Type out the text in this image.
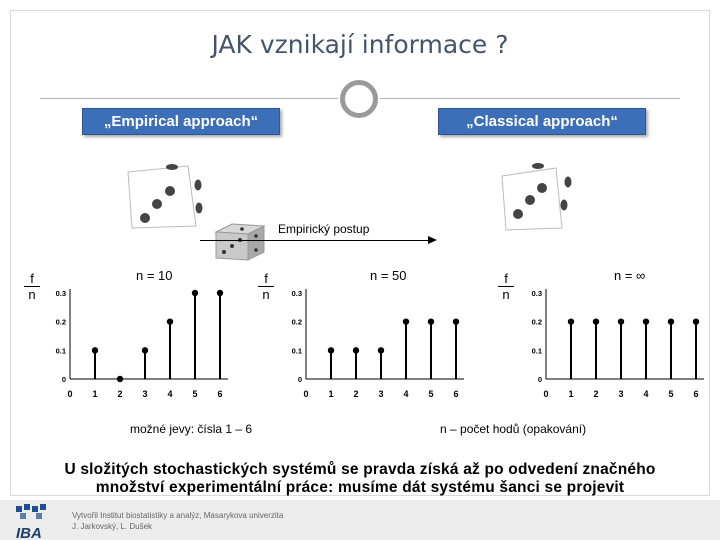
JAK vznikají informace ?
„Empirical approach“	„Classical approach“
Empirický postup
$\frac{f}{n}$	$\frac{f}{n}$	$\frac{f}{n}$
n = 10	n = 50	n = ∞
0
0.1
0.2
0.3
0 1 2 3 4 5 6
0
0.1
0.2
0.3
0 1 2 3 4 5 6
0
0.1
0.2
0.3
0 1 2 3 4 5 6
možné jevy: čísla 1 – 6	n – počet hodů (opakování)
U složitých stochastických systémů se pravda získá až po odvedení značného
množství experimentální práce: musíme dát systému šanci se projevit
IBA
Vytvořil Institut biostatistiky a analýz, Masarykova univerzita
J. Jarkovský, L. Dušek
